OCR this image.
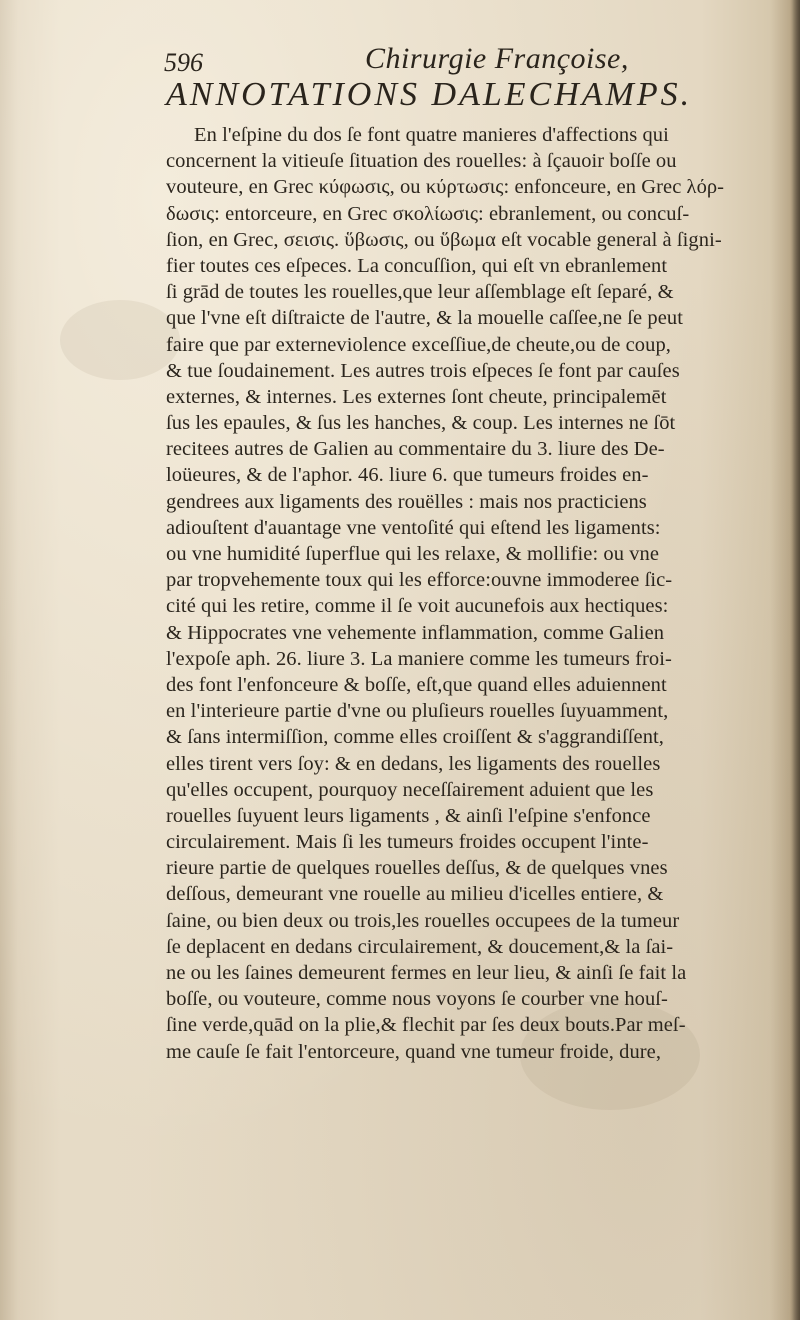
596	Chirurgie Françoise,
ANNOTATIONS DALECHAMPS.
En l'eſpine du dos ſe font quatre manieres d'affections qui
concernent la vitieuſe ſituation des rouelles: à ſçauoir boſſe ou
vouteure, en Grec κύφωσις, ou κύρτωσις: enfonceure, en Grec λόρ-
δωσις: entorceure, en Grec σκολίωσις: ebranlement, ou concuſ-
ſion, en Grec, σεισις. ὕβωσις, ou ὕβωμα eſt vocable general à ſigni-
fier toutes ces eſpeces. La concuſſion, qui eſt vn ebranlement
ſi grād de toutes les rouelles,que leur aſſemblage eſt ſeparé, &
que l'vne eſt diſtraicte de l'autre, & la mouelle caſſee,ne ſe peut
faire que par externeviolence exceſſiue,de cheute,ou de coup,
& tue ſoudainement. Les autres trois eſpeces ſe font par cauſes
externes, & internes. Les externes ſont cheute, principalemēt
ſus les epaules, & ſus les hanches, & coup. Les internes ne ſōt
recitees autres de Galien au commentaire du 3. liure des De-
loüeures, & de l'aphor. 46. liure 6. que tumeurs froides en-
gendrees aux ligaments des rouëlles : mais nos practiciens
adiouſtent d'auantage vne ventoſité qui eſtend les ligaments:
ou vne humidité ſuperflue qui les relaxe, & mollifie: ou vne
par tropvehemente toux qui les efforce:ouvne immoderee ſic-
cité qui les retire, comme il ſe voit aucunefois aux hectiques:
& Hippocrates vne vehemente inflammation, comme Galien
l'expoſe aph. 26. liure 3. La maniere comme les tumeurs froi-
des font l'enfonceure & boſſe, eſt,que quand elles aduiennent
en l'interieure partie d'vne ou pluſieurs rouelles ſuyuamment,
& ſans intermiſſion, comme elles croiſſent & s'aggrandiſſent,
elles tirent vers ſoy: & en dedans, les ligaments des rouelles
qu'elles occupent, pourquoy neceſſairement aduient que les
rouelles ſuyuent leurs ligaments , & ainſi l'eſpine s'enfonce
circulairement. Mais ſi les tumeurs froides occupent l'inte-
rieure partie de quelques rouelles deſſus, & de quelques vnes
deſſous, demeurant vne rouelle au milieu d'icelles entiere, &
ſaine, ou bien deux ou trois,les rouelles occupees de la tumeur
ſe deplacent en dedans circulairement, & doucement,& la ſai-
ne ou les ſaines demeurent fermes en leur lieu, & ainſi ſe fait la
boſſe, ou vouteure, comme nous voyons ſe courber vne houſ-
ſine verde,quād on la plie,& flechit par ſes deux bouts.Par meſ-
me cauſe ſe fait l'entorceure, quand vne tumeur froide, dure,
